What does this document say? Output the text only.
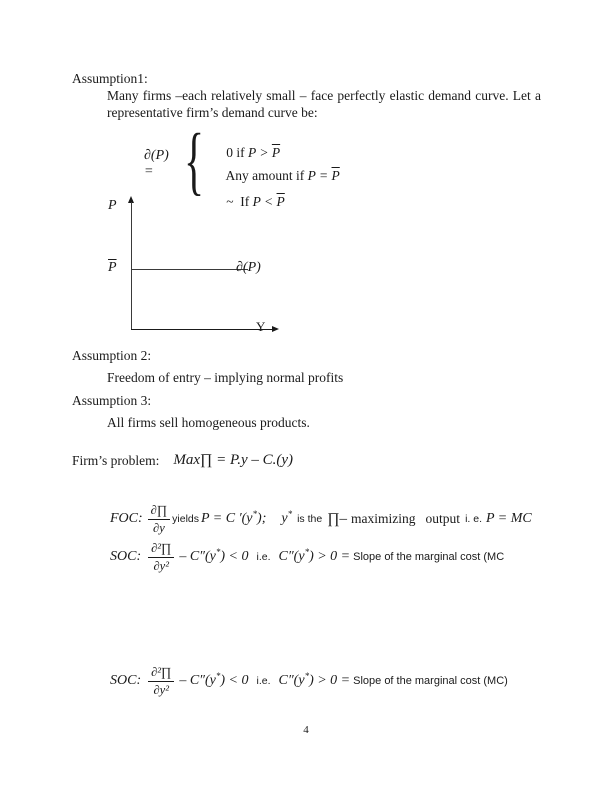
Assumption1:
Many firms –each relatively small – face perfectly elastic demand curve. Let a
representative firm’s demand curve be:
∂(P) = {	0 if $P > \overline{P}$

Any amount if $P = \overline{P}$

~  If $P < \overline{P}$

P
$\overline{P}$	∂(P)
Y
Assumption 2:
Freedom of entry – implying normal profits
Assumption 3:
All firms sell homogeneous products.
Firm’s problem: Max∏ = P.y – C.(y)
FOC: $\frac{\partial\prod}{\partial y}$ yields P = C ′(y*); y* is the ∏– maximizing output i. e. P = MC
SOC: $\frac{\text{∂²∏}}{\text{∂y²}} - C''(y^*) < 0$ i.e. C″(y*) > 0 = Slope of the marginal cost (MC
SOC: $\frac{\text{∂²∏}}{\text{∂y²}} - C''(y^*) < 0$ i.e. C″(y*) > 0 = Slope of the marginal cost (MC)
4
